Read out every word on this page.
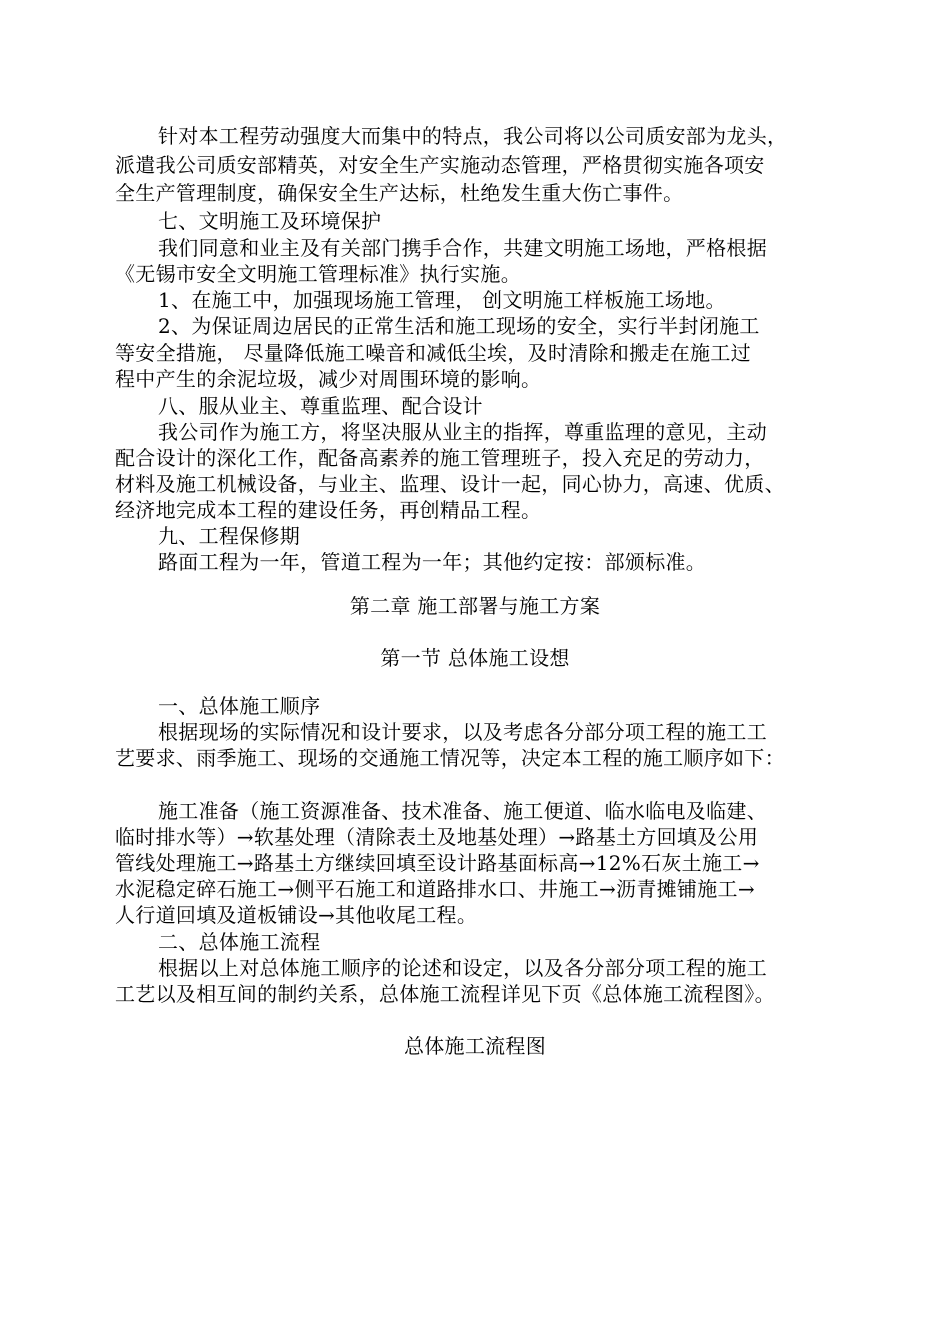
针对本工程劳动强度大而集中的特点，我公司将以公司质安部为龙头，
派遣我公司质安部精英，对安全生产实施动态管理，严格贯彻实施各项安
全生产管理制度，确保安全生产达标，杜绝发生重大伤亡事件。
七、文明施工及环境保护
我们同意和业主及有关部门携手合作，共建文明施工场地，严格根据
《无锡市安全文明施工管理标准》执行实施。
1、在施工中，加强现场施工管理， 创文明施工样板施工场地。
2、为保证周边居民的正常生活和施工现场的安全，实行半封闭施工
等安全措施， 尽量降低施工噪音和减低尘埃，及时清除和搬走在施工过
程中产生的余泥垃圾，减少对周围环境的影响。
八、服从业主、尊重监理、配合设计
我公司作为施工方，将坚决服从业主的指挥，尊重监理的意见，主动
配合设计的深化工作，配备高素养的施工管理班子，投入充足的劳动力，
材料及施工机械设备，与业主、监理、设计一起，同心协力，高速、优质、
经济地完成本工程的建设任务，再创精品工程。
九、工程保修期
路面工程为一年，管道工程为一年；其他约定按：部颁标准。
第二章 施工部署与施工方案
第一节 总体施工设想
一、总体施工顺序
根据现场的实际情况和设计要求，以及考虑各分部分项工程的施工工
艺要求、雨季施工、现场的交通施工情况等，决定本工程的施工顺序如下：
施工准备（施工资源准备、技术准备、施工便道、临水临电及临建、
临时排水等）→软基处理（清除表土及地基处理）→路基土方回填及公用
管线处理施工→路基土方继续回填至设计路基面标高→12%石灰土施工→
水泥稳定碎石施工→侧平石施工和道路排水口、井施工→沥青摊铺施工→
人行道回填及道板铺设→其他收尾工程。
二、总体施工流程
根据以上对总体施工顺序的论述和设定，以及各分部分项工程的施工
工艺以及相互间的制约关系，总体施工流程详见下页《总体施工流程图》。
总体施工流程图
